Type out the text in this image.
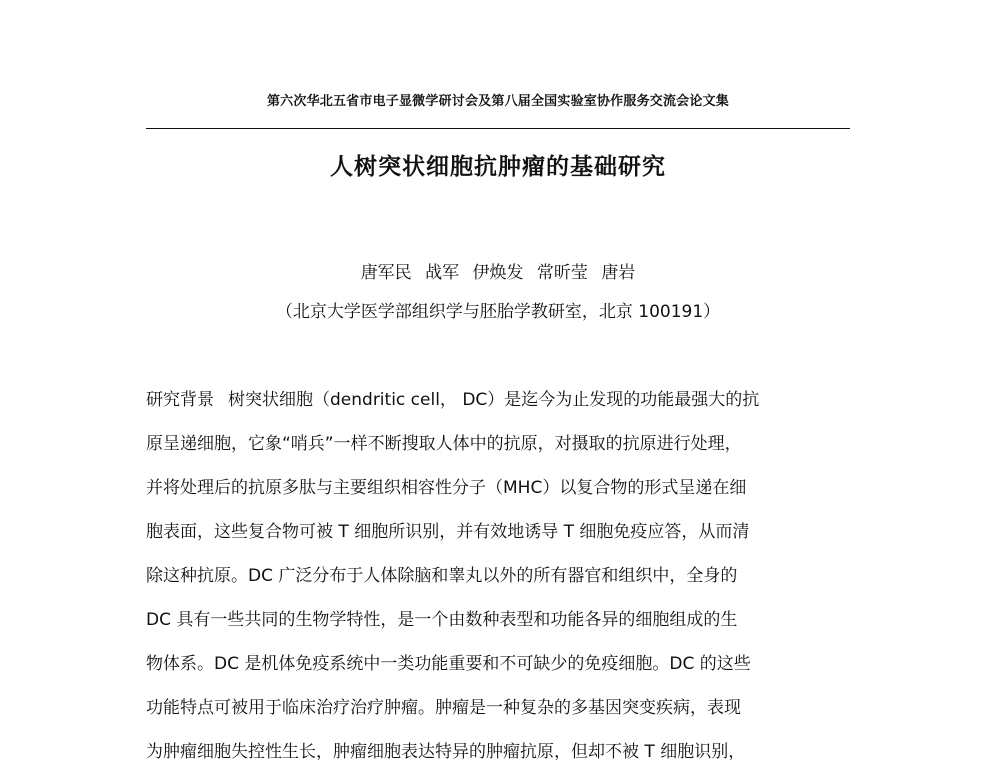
第六次华北五省市电子显微学研讨会及第八届全国实验室协作服务交流会论文集
人树突状细胞抗肿瘤的基础研究
唐军民 战军 伊焕发 常昕莹 唐岩
（北京大学医学部组织学与胚胎学教研室，北京 100191）
研究背景 树突状细胞（dendritic cell， DC）是迄今为止发现的功能最强大的抗
原呈递细胞，它象“哨兵”一样不断搜取人体中的抗原，对摄取的抗原进行处理，
并将处理后的抗原多肽与主要组织相容性分子（MHC）以复合物的形式呈递在细
胞表面，这些复合物可被 T 细胞所识别，并有效地诱导 T 细胞免疫应答，从而清
除这种抗原。DC 广泛分布于人体除脑和睾丸以外的所有器官和组织中，全身的
DC 具有一些共同的生物学特性，是一个由数种表型和功能各异的细胞组成的生
物体系。DC 是机体免疫系统中一类功能重要和不可缺少的免疫细胞。DC 的这些
功能特点可被用于临床治疗治疗肿瘤。肿瘤是一种复杂的多基因突变疾病，表现
为肿瘤细胞失控性生长，肿瘤细胞表达特异的肿瘤抗原，但却不被 T 细胞识别，
